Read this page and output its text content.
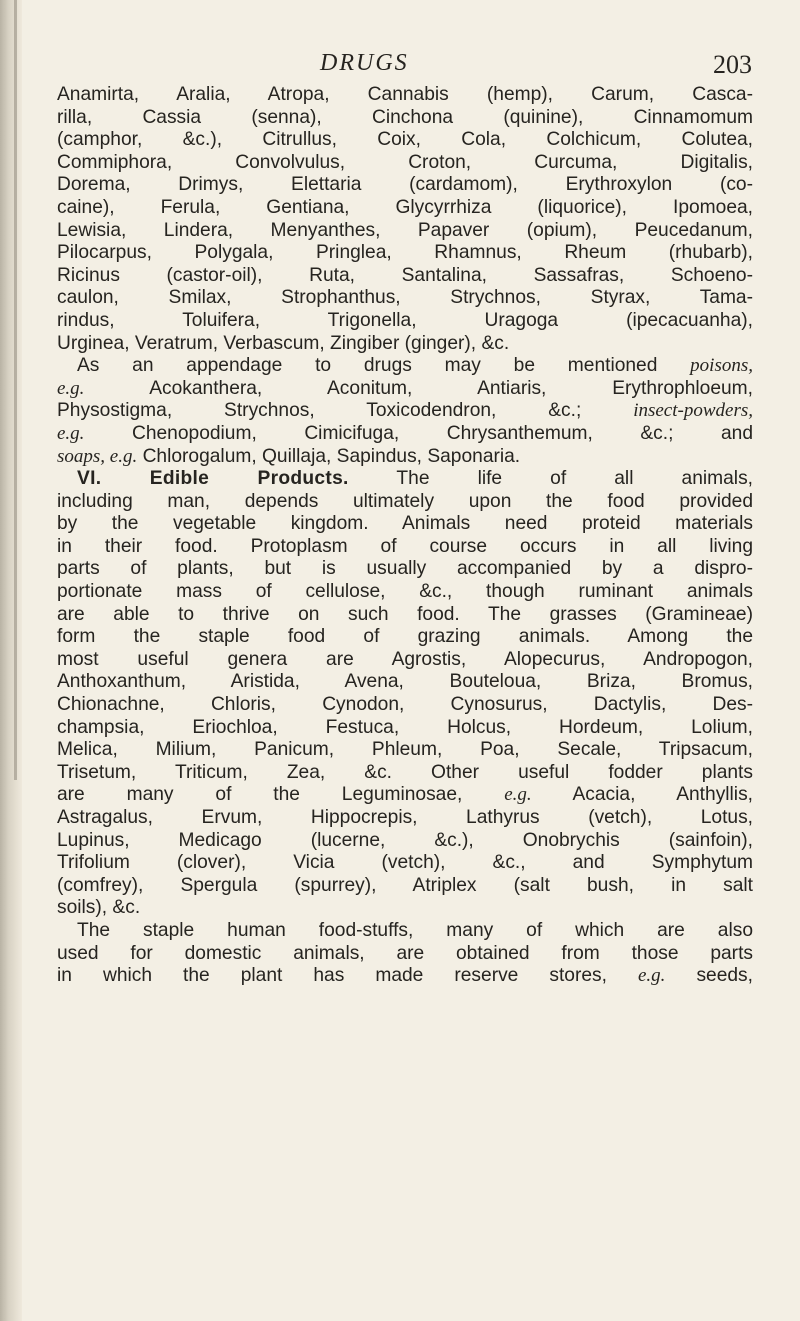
DRUGS	203
Anamirta, Aralia, Atropa, Cannabis (hemp), Carum, Casca-
rilla, Cassia (senna), Cinchona (quinine), Cinnamomum
(camphor, &c.), Citrullus, Coix, Cola, Colchicum, Colutea,
Commiphora, Convolvulus, Croton, Curcuma, Digitalis,
Dorema, Drimys, Elettaria (cardamom), Erythroxylon (co-
caine), Ferula, Gentiana, Glycyrrhiza (liquorice), Ipomoea,
Lewisia, Lindera, Menyanthes, Papaver (opium), Peucedanum,
Pilocarpus, Polygala, Pringlea, Rhamnus, Rheum (rhubarb),
Ricinus (castor-oil), Ruta, Santalina, Sassafras, Schoeno-
caulon, Smilax, Strophanthus, Strychnos, Styrax, Tama-
rindus, Toluifera, Trigonella, Uragoga (ipecacuanha),
Urginea, Veratrum, Verbascum, Zingiber (ginger), &c.
As an appendage to drugs may be mentioned poisons,
e.g. Acokanthera, Aconitum, Antiaris, Erythrophloeum,
Physostigma, Strychnos, Toxicodendron, &c.; insect-powders,
e.g. Chenopodium, Cimicifuga, Chrysanthemum, &c.; and
soaps, e.g. Chlorogalum, Quillaja, Sapindus, Saponaria.
VI. Edible Products. The life of all animals,
including man, depends ultimately upon the food provided
by the vegetable kingdom. Animals need proteid materials
in their food. Protoplasm of course occurs in all living
parts of plants, but is usually accompanied by a dispro-
portionate mass of cellulose, &c., though ruminant animals
are able to thrive on such food. The grasses (Gramineae)
form the staple food of grazing animals. Among the
most useful genera are Agrostis, Alopecurus, Andropogon,
Anthoxanthum, Aristida, Avena, Bouteloua, Briza, Bromus,
Chionachne, Chloris, Cynodon, Cynosurus, Dactylis, Des-
champsia, Eriochloa, Festuca, Holcus, Hordeum, Lolium,
Melica, Milium, Panicum, Phleum, Poa, Secale, Tripsacum,
Trisetum, Triticum, Zea, &c. Other useful fodder plants
are many of the Leguminosae, e.g. Acacia, Anthyllis,
Astragalus, Ervum, Hippocrepis, Lathyrus (vetch), Lotus,
Lupinus, Medicago (lucerne, &c.), Onobrychis (sainfoin),
Trifolium (clover), Vicia (vetch), &c., and Symphytum
(comfrey), Spergula (spurrey), Atriplex (salt bush, in salt
soils), &c.
The staple human food-stuffs, many of which are also
used for domestic animals, are obtained from those parts
in which the plant has made reserve stores, e.g. seeds,
